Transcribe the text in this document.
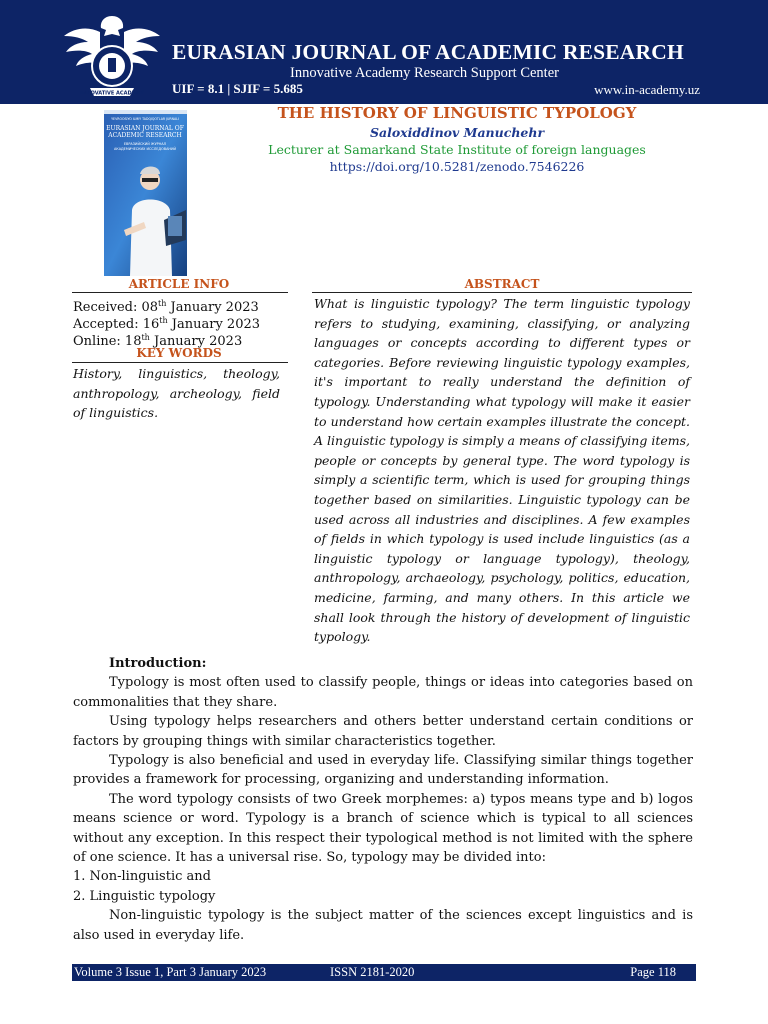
INNOVATIVE ACADEMY
EURASIAN JOURNAL OF ACADEMIC RESEARCH
Innovative Academy Research Support Center
UIF = 8.1 | SJIF = 5.685	www.in-academy.uz
YEVROOSIYO ILMIY TADQIQOTLAR JURNALI
EURASIAN JOURNAL OF
ACADEMIC RESEARCH
ЕВРАЗИЙСКИЙ ЖУРНАЛ
АКАДЕМИЧЕСКИХ ИССЛЕДОВАНИЙ
THE HISTORY OF LINGUISTIC TYPOLOGY
Saloxiddinov Manuchehr
Lecturer at Samarkand State Institute of foreign languages
https://doi.org/10.5281/zenodo.7546226
ARTICLE INFO
Received: 08th January 2023
Accepted: 16th January 2023
Online: 18th January 2023
KEY WORDS
History, linguistics, theology, anthropology, archeology, field of linguistics.
ABSTRACT
What is linguistic typology? The term linguistic typology refers to studying, examining, classifying, or analyzing languages or concepts according to different types or categories. Before reviewing linguistic typology examples, it's important to really understand the definition of typology. Understanding what typology will make it easier to understand how certain examples illustrate the concept. A linguistic typology is simply a means of classifying items, people or concepts by general type. The word typology is simply a scientific term, which is used for grouping things together based on similarities. Linguistic typology can be used across all industries and disciplines. A few examples of fields in which typology is used include linguistics (as a linguistic typology or language typology), theology, anthropology, archaeology, psychology, politics, education, medicine, farming, and many others. In this article we shall look through the history of development of linguistic typology.

Introduction:

Typology is most often used to classify people, things or ideas into categories based on commonalities that they share.

Using typology helps researchers and others better understand certain conditions or factors by grouping things with similar characteristics together.

Typology is also beneficial and used in everyday life. Classifying similar things together provides a framework for processing, organizing and understanding information.

The word typology consists of two Greek morphemes: a) typos means type and b) logos means science or word. Typology is a branch of science which is typical to all sciences without any exception. In this respect their typological method is not limited with the sphere of one science. It has a universal rise. So, typology may be divided into:

1. Non-linguistic and

2. Linguistic typology

Non-linguistic typology is the subject matter of the sciences except linguistics and is also used in everyday life.

Volume 3 Issue 1, Part 3 January 2023	ISSN 2181-2020	Page 118
